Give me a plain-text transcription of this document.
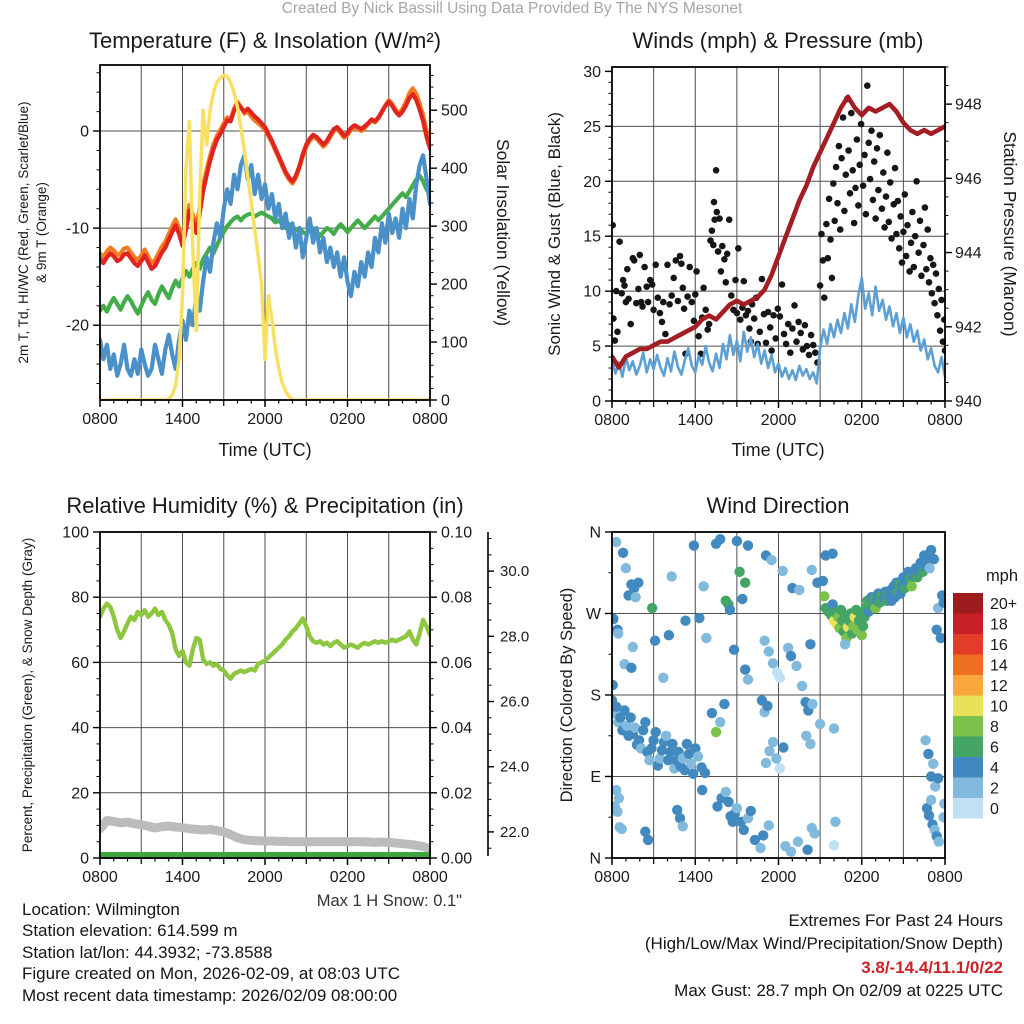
0800	1400	2000	0200	0800
0
-10
-20
0
100
200
300
400
500
Temperature (F) & Insolation (W/m²)
Time (UTC)
2m T, Td, HI/WC (Red, Green, Scarlet/Blue) & 9m T (Orange)	Solar Insolation (Yellow)
0800	1400	2000	0200	0800
0
5
10
15
20
25
30
940
942
944
946
948
Winds (mph) & Pressure (mb)
Time (UTC)
Sonic Wind & Gust (Blue, Black)	Station Pressure (Maroon)
0800	1400	2000	0200	0800
0
20
40
60
80
100
0.00
0.02
0.04
0.06
0.08
0.10
22.0
24.0
26.0
28.0
30.0
Relative Humidity (%) & Precipitation (in)
Percent, Precipitation (Green), & Snow Depth (Gray)
0800	1400	2000	0200	0800
N
E
S
W
N
Wind Direction
Direction (Colored By Speed)
mph
20+
18
16
14
12
10
8
6
4
2
0
Location: Wilmington
Station elevation: 614.599 m
Station lat/lon: 44.3932; -73.8588
Figure created on Mon, 2026-02-09, at 08:03 UTC
Most recent data timestamp: 2026/02/09 08:00:00
Max 1 H Snow: 0.1"
Extremes For Past 24 Hours
(High/Low/Max Wind/Precipitation/Snow Depth)
3.8/-14.4/11.1/0/22
Max Gust: 28.7 mph On 02/09 at 0225 UTC
Created By Nick Bassill Using Data Provided By The NYS Mesonet
